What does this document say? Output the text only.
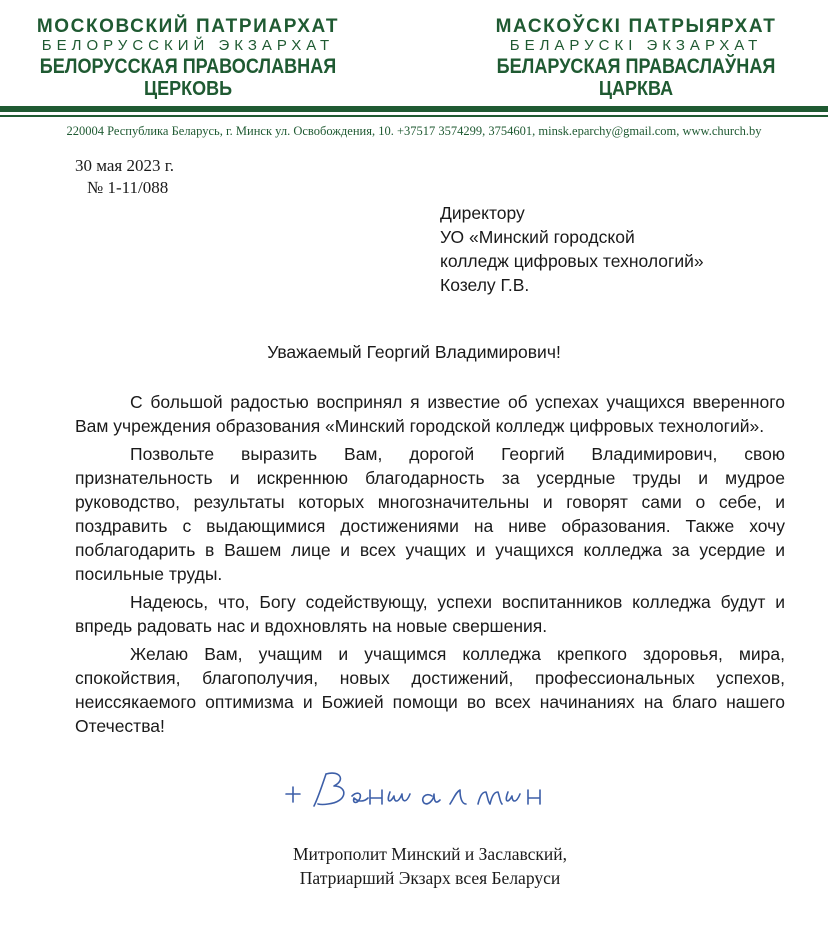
МОСКОВСКИЙ ПАТРИАРХАТ
БЕЛОРУССКИЙ ЭКЗАРХАТ
БЕЛОРУССКАЯ ПРАВОСЛАВНАЯ
ЦЕРКОВЬ
МАСКОЎСКІ ПАТРЫЯРХАТ
БЕЛАРУСКІ ЭКЗАРХАТ
БЕЛАРУСКАЯ ПРАВАСЛАЎНАЯ
ЦАРКВА
220004 Республика Беларусь, г. Минск ул. Освобождения, 10. +37517 3574299, 3754601, minsk.eparchy@gmail.com, www.church.by
30 мая 2023 г.
№ 1-11/088
Директору
УО «Минский городской
колледж цифровых технологий»
Козелу Г.В.
Уважаемый Георгий Владимирович!

С большой радостью воспринял я известие об успехах учащихся вверенного Вам учреждения образования «Минский городской колледж цифровых технологий».

Позвольте выразить Вам, дорогой Георгий Владимирович, свою признательность и искреннюю благодарность за усердные труды и мудрое руководство, результаты которых многозначительны и говорят сами о себе, и поздравить с выдающимися достижениями на ниве образования. Также хочу поблагодарить в Вашем лице и всех учащих и учащихся колледжа за усердие и посильные труды.

Надеюсь, что, Богу содействующу, успехи воспитанников колледжа будут и впредь радовать нас и вдохновлять на новые свершения.

Желаю Вам, учащим и учащимся колледжа крепкого здоровья, мира, спокойствия, благополучия, новых достижений, профессиональных успехов, неиссякаемого оптимизма и Божией помощи во всех начинаниях на благо нашего Отечества!

Митрополит Минский и Заславский,
Патриарший Экзарх всея Беларуси
